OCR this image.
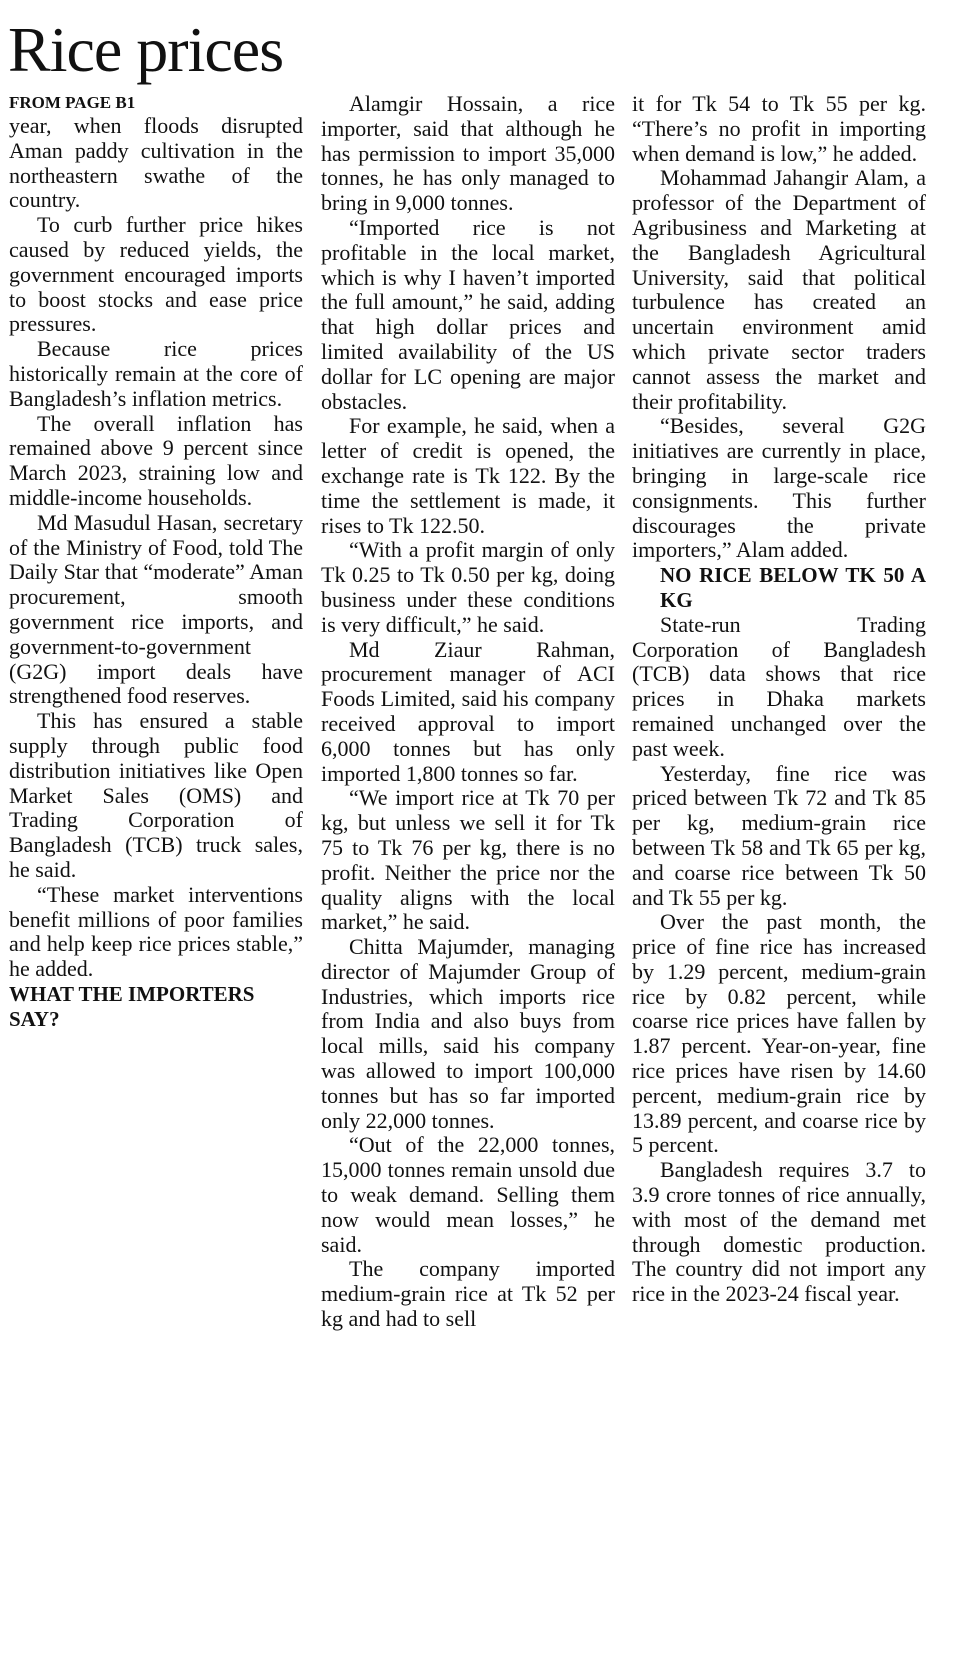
Rice prices
FROM PAGE B1

year, when floods disrupted Aman paddy cultivation in the northeastern swathe of the country.

To curb further price hikes caused by reduced yields, the government encouraged imports to boost stocks and ease price pressures.

Because rice prices historically remain at the core of Bangladesh’s inflation metrics.

The overall inflation has remained above 9 percent since March 2023, straining low and middle-income households.

Md Masudul Hasan, secretary of the Ministry of Food, told The Daily Star that “moderate” Aman procurement, smooth government rice imports, and government-to-government (G2G) import deals have strengthened food reserves.

This has ensured a stable supply through public food distribution initiatives like Open Market Sales (OMS) and Trading Corporation of Bangladesh (TCB) truck sales, he said.

“These market interventions benefit millions of poor families and help keep rice prices stable,” he added.

WHAT THE IMPORTERS SAY?

Alamgir Hossain, a rice importer, said that although he has permission to import 35,000 tonnes, he has only managed to bring in 9,000 tonnes.

“Imported rice is not profitable in the local market, which is why I haven’t imported the full amount,” he said, adding that high dollar prices and limited availability of the US dollar for LC opening are major obstacles.

For example, he said, when a letter of credit is opened, the exchange rate is Tk 122. By the time the settlement is made, it rises to Tk 122.50.

“With a profit margin of only Tk 0.25 to Tk 0.50 per kg, doing business under these conditions is very difficult,” he said.

Md Ziaur Rahman, procurement manager of ACI Foods Limited, said his company received approval to import 6,000 tonnes but has only imported 1,800 tonnes so far.

“We import rice at Tk 70 per kg, but unless we sell it for Tk 75 to Tk 76 per kg, there is no profit. Neither the price nor the quality aligns with the local market,” he said.

Chitta Majumder, managing director of Majumder Group of Industries, which imports rice from India and also buys from local mills, said his company was allowed to import 100,000 tonnes but has so far imported only 22,000 tonnes.

“Out of the 22,000 tonnes, 15,000 tonnes remain unsold due to weak demand. Selling them now would mean losses,” he said.

The company imported medium-grain rice at Tk 52 per kg and had to sell

it for Tk 54 to Tk 55 per kg. “There’s no profit in importing when demand is low,” he added.

Mohammad Jahangir Alam, a professor of the Department of Agribusiness and Marketing at the Bangladesh Agricultural University, said that political turbulence has created an uncertain environment amid which private sector traders cannot assess the market and their profitability.

“Besides, several G2G initiatives are currently in place, bringing in large-scale rice consignments. This further discourages the private importers,” Alam added.

NO RICE BELOW TK 50 A KG

State-run Trading Corporation of Bangladesh (TCB) data shows that rice prices in Dhaka markets remained unchanged over the past week.

Yesterday, fine rice was priced between Tk 72 and Tk 85 per kg, medium-grain rice between Tk 58 and Tk 65 per kg, and coarse rice between Tk 50 and Tk 55 per kg.

Over the past month, the price of fine rice has increased by 1.29 percent, medium-grain rice by 0.82 percent, while coarse rice prices have fallen by 1.87 percent. Year-on-year, fine rice prices have risen by 14.60 percent, medium-grain rice by 13.89 percent, and coarse rice by 5 percent.

Bangladesh requires 3.7 to 3.9 crore tonnes of rice annually, with most of the demand met through domestic production. The country did not import any rice in the 2023-24 fiscal year.
